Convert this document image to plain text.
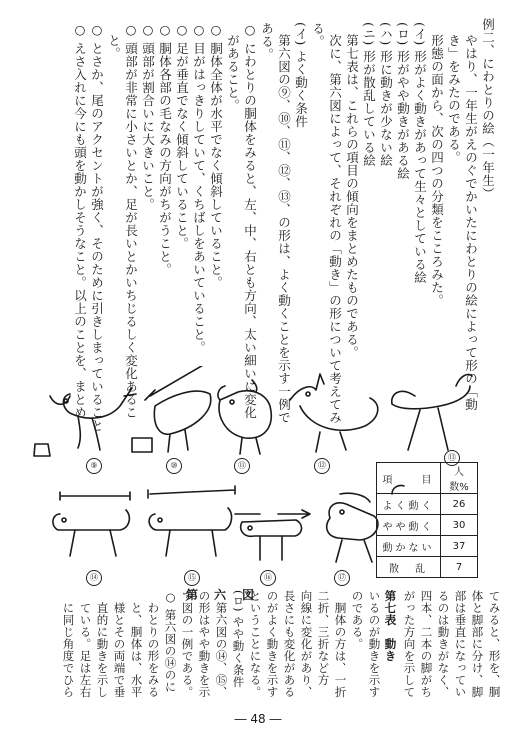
例二、にわとりの絵（一年生）
やはり、一年生がえのぐでかいたにわとりの絵によって形の「動
き」をみたのである。
形態の面から、次の四つの分類をこころみた。
(イ) 形がよく動きがあって生々としている絵
(ロ) 形がやや動きがある絵
(ハ) 形に動きが少ない絵
(ニ) 形が散乱している絵
第七表は、これらの項目の傾向をまとめたものである。
次に、第六図によって、それぞれの「動き」の形について考えてみ
る。
(イ) よく動く条件
第六図の⑨、⑩、⑪、⑫、⑬、の形は、よく動くことを示す一例で
ある。
○ にわとりの胴体をみると、左、中、右とも方向、太い細いに変化
があること。
○ 胴体全体が水平でなく傾斜していること。
○ 目がはっきりしていて、くちばしをあいていること。
○ 足が垂直でなく傾斜していること。
○ 胴体各部の毛なみの方向がちがうこと。
○ 頭部が割合いに大きいこと。
○ 頭部が非常に小さいとか、足が長いとかいちじるしく変化あるこ
と。
○ とさか、尾のアクセントが強く、そのために引きしまっていること
○ えさ入れに今にも頭を動かしそうなこと。以上のことを、まとめ
⑨	⑩	⑪	⑫
⑬
⑭	⑮	⑯	⑰
項　　目	人数%
よく動く	26
やや動く	30
動かない	37
散　乱	7
第　六　図	第七表　動き	てみると、形を、胴
体と脚部に分け、脚
部は垂直になってい
るのは動きがなく、
四本、二本の脚がち
がった方向を示して
いるのが動きを示す
のである。
胴体の方は、一折
二折、三折など方
向線に変化があり、
長さにも変化がある
のがよく動きを示す
ということになる。
(ロ) やや動く条件
第六図の⑭、⑮、
の形はやや動きを示
す図の一例である。
○ 第六図の⑭のに
わとりの形をみる
と、胴体は、水平
様とその両端で垂
直的に動きを示し
ている。足は左右
に同じ角度でひら
― 48 ―
